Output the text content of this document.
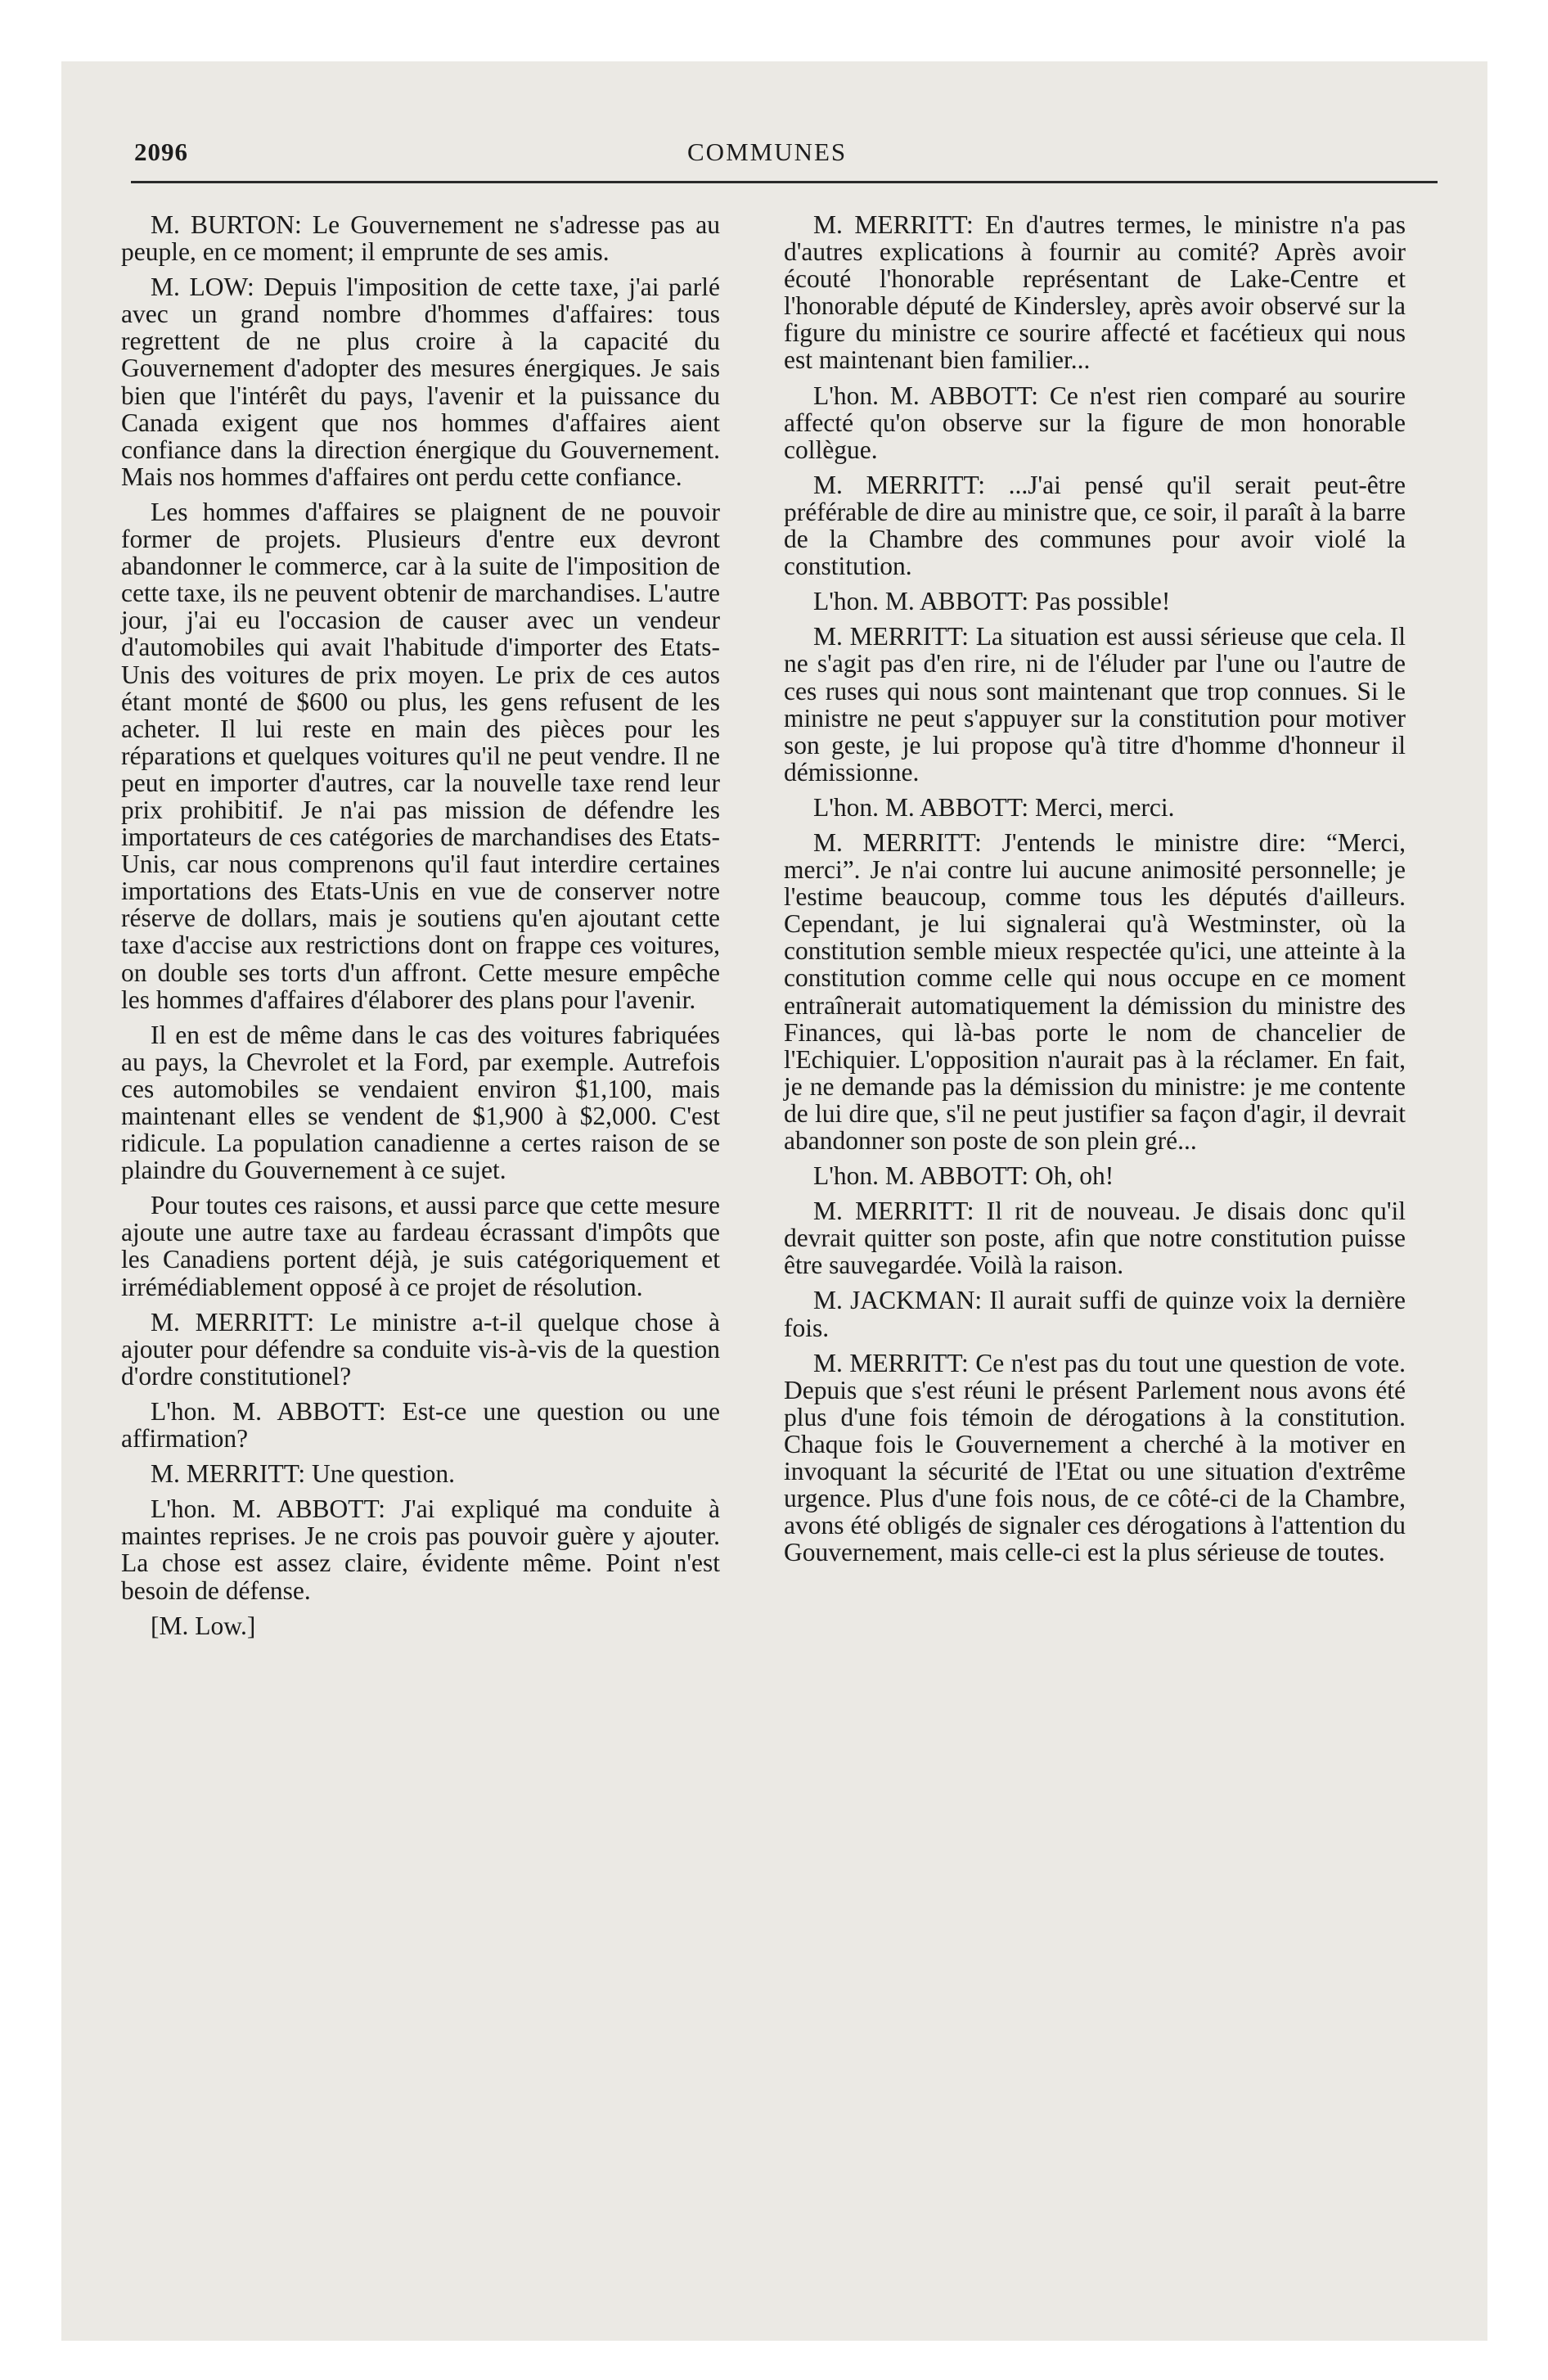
2096	COMMUNES

M. BURTON: Le Gouvernement ne s'adresse pas au peuple, en ce moment; il emprunte de ses amis.

M. LOW: Depuis l'imposition de cette taxe, j'ai parlé avec un grand nombre d'hommes d'affaires: tous regrettent de ne plus croire à la capacité du Gouvernement d'adopter des mesures énergiques. Je sais bien que l'intérêt du pays, l'avenir et la puissance du Canada exigent que nos hommes d'affaires aient confiance dans la direction énergique du Gouvernement. Mais nos hommes d'affaires ont perdu cette confiance.

Les hommes d'affaires se plaignent de ne pouvoir former de projets. Plusieurs d'entre eux devront abandonner le commerce, car à la suite de l'imposition de cette taxe, ils ne peuvent obtenir de marchandises. L'autre jour, j'ai eu l'occasion de causer avec un vendeur d'automobiles qui avait l'habitude d'importer des Etats-Unis des voitures de prix moyen. Le prix de ces autos étant monté de $600 ou plus, les gens refusent de les acheter. Il lui reste en main des pièces pour les réparations et quelques voitures qu'il ne peut vendre. Il ne peut en importer d'autres, car la nouvelle taxe rend leur prix prohibitif. Je n'ai pas mission de défendre les importateurs de ces catégories de marchandises des Etats-Unis, car nous comprenons qu'il faut interdire certaines importations des Etats-Unis en vue de conserver notre réserve de dollars, mais je soutiens qu'en ajoutant cette taxe d'accise aux restrictions dont on frappe ces voitures, on double ses torts d'un affront. Cette mesure empêche les hommes d'affaires d'élaborer des plans pour l'avenir.

Il en est de même dans le cas des voitures fabriquées au pays, la Chevrolet et la Ford, par exemple. Autrefois ces automobiles se vendaient environ $1,100, mais maintenant elles se vendent de $1,900 à $2,000. C'est ridicule. La population canadienne a certes raison de se plaindre du Gouvernement à ce sujet.

Pour toutes ces raisons, et aussi parce que cette mesure ajoute une autre taxe au fardeau écrassant d'impôts que les Canadiens portent déjà, je suis catégoriquement et irrémédiablement opposé à ce projet de résolution.

M. MERRITT: Le ministre a-t-il quelque chose à ajouter pour défendre sa conduite vis-à-vis de la question d'ordre constitutionel?

L'hon. M. ABBOTT: Est-ce une question ou une affirmation?

M. MERRITT: Une question.

L'hon. M. ABBOTT: J'ai expliqué ma conduite à maintes reprises. Je ne crois pas pouvoir guère y ajouter. La chose est assez claire, évidente même. Point n'est besoin de défense.

[M. Low.]

M. MERRITT: En d'autres termes, le ministre n'a pas d'autres explications à fournir au comité? Après avoir écouté l'honorable représentant de Lake-Centre et l'honorable député de Kindersley, après avoir observé sur la figure du ministre ce sourire affecté et facétieux qui nous est maintenant bien familier...

L'hon. M. ABBOTT: Ce n'est rien comparé au sourire affecté qu'on observe sur la figure de mon honorable collègue.

M. MERRITT: ...J'ai pensé qu'il serait peut-être préférable de dire au ministre que, ce soir, il paraît à la barre de la Chambre des communes pour avoir violé la constitution.

L'hon. M. ABBOTT: Pas possible!

M. MERRITT: La situation est aussi sérieuse que cela. Il ne s'agit pas d'en rire, ni de l'éluder par l'une ou l'autre de ces ruses qui nous sont maintenant que trop connues. Si le ministre ne peut s'appuyer sur la constitution pour motiver son geste, je lui propose qu'à titre d'homme d'honneur il démissionne.

L'hon. M. ABBOTT: Merci, merci.

M. MERRITT: J'entends le ministre dire: “Merci, merci”. Je n'ai contre lui aucune animosité personnelle; je l'estime beaucoup, comme tous les députés d'ailleurs. Cependant, je lui signalerai qu'à Westminster, où la constitution semble mieux respectée qu'ici, une atteinte à la constitution comme celle qui nous occupe en ce moment entraînerait automatiquement la démission du ministre des Finances, qui là-bas porte le nom de chancelier de l'Echiquier. L'opposition n'aurait pas à la réclamer. En fait, je ne demande pas la démission du ministre: je me contente de lui dire que, s'il ne peut justifier sa façon d'agir, il devrait abandonner son poste de son plein gré...

L'hon. M. ABBOTT: Oh, oh!

M. MERRITT: Il rit de nouveau. Je disais donc qu'il devrait quitter son poste, afin que notre constitution puisse être sauvegardée. Voilà la raison.

M. JACKMAN: Il aurait suffi de quinze voix la dernière fois.

M. MERRITT: Ce n'est pas du tout une question de vote. Depuis que s'est réuni le présent Parlement nous avons été plus d'une fois témoin de dérogations à la constitution. Chaque fois le Gouvernement a cherché à la motiver en invoquant la sécurité de l'Etat ou une situation d'extrême urgence. Plus d'une fois nous, de ce côté-ci de la Chambre, avons été obligés de signaler ces dérogations à l'attention du Gouvernement, mais celle-ci est la plus sérieuse de toutes.
